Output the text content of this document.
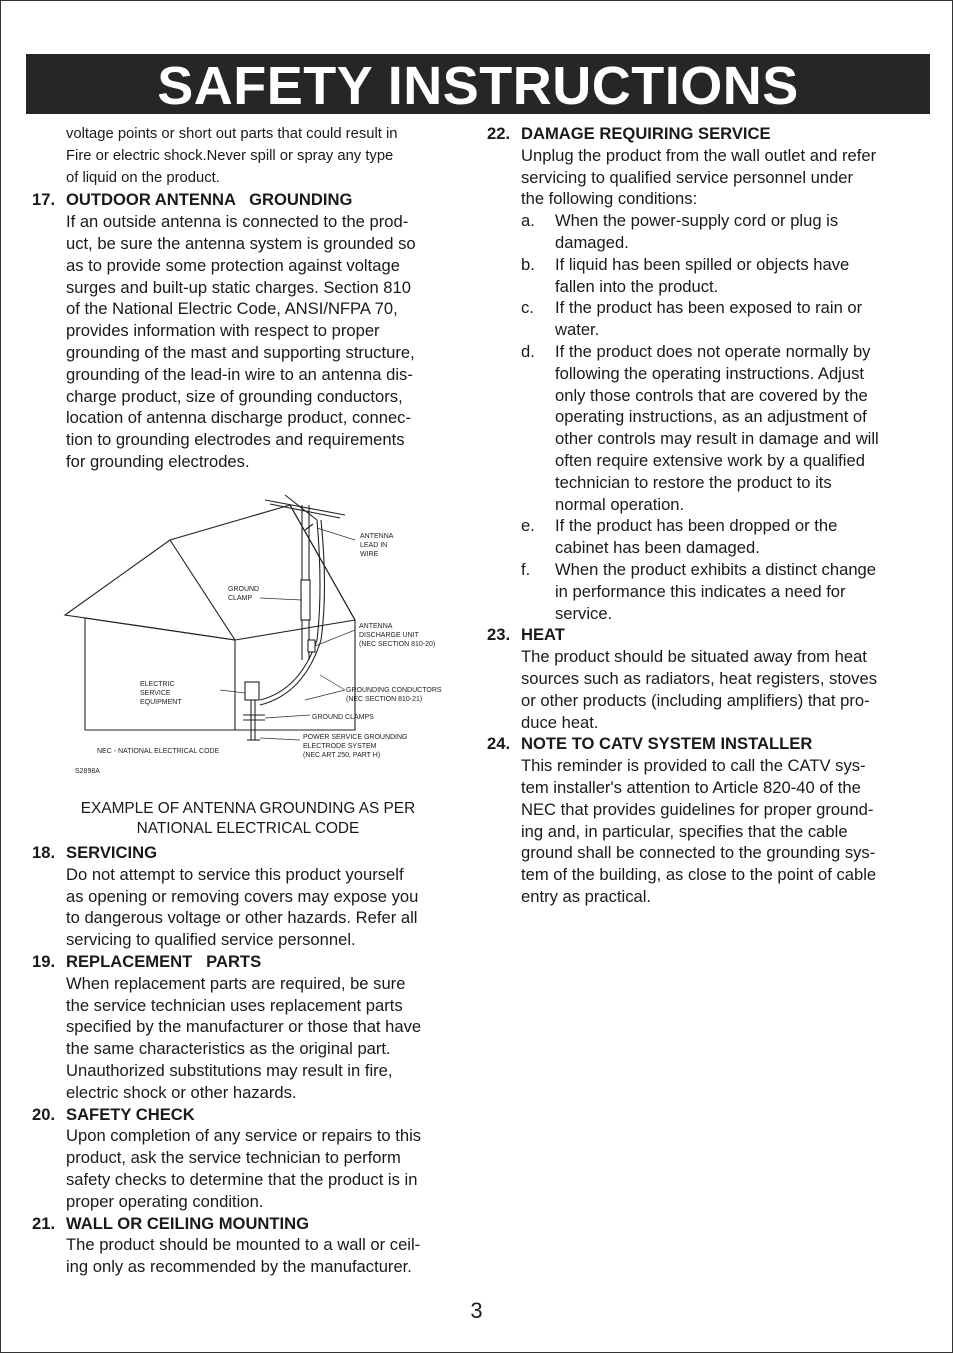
SAFETY INSTRUCTIONS

voltage points or short out parts that could result in

Fire or electric shock.Never spill or spray any type

of liquid on the product.

17. OUTDOOR ANTENNA   GROUNDING

If an outside antenna is connected to the prod-

uct, be sure the antenna system is grounded so

as to provide some protection against voltage

surges and built-up static charges. Section 810

of the National Electric Code, ANSI/NFPA 70,

provides information with respect to proper

grounding of the mast and supporting structure,

grounding of the lead-in wire to an antenna dis-

charge product, size of grounding conductors,

location of antenna discharge product, connec-

tion to grounding electrodes and requirements

for grounding electrodes.

ANTENNA
LEAD IN
WIRE
GROUND
CLAMP
ANTENNA
DISCHARGE UNIT
(NEC SECTION 810-20)
ELECTRIC
SERVICE
EQUIPMENT
GROUNDING CONDUCTORS
(NEC SECTION 810-21)
GROUND CLAMPS
POWER SERVICE GROUNDING
ELECTRODE SYSTEM
(NEC ART 250, PART H)
NEC - NATIONAL ELECTRICAL CODE
S2898A
EXAMPLE OF ANTENNA GROUNDING AS PER
NATIONAL ELECTRICAL CODE

18. SERVICING

Do not attempt to service this product yourself

as opening or removing covers may expose you

to dangerous voltage or other hazards. Refer all

servicing to qualified service personnel.

19. REPLACEMENT   PARTS

When replacement parts are required, be sure

the service technician uses replacement parts

specified by the manufacturer or those that have

the same characteristics as the original part.

Unauthorized substitutions may result in fire,

electric shock or other hazards.

20. SAFETY CHECK

Upon completion of any service or repairs to this

product, ask the service technician to perform

safety checks to determine that the product is in

proper operating condition.

21. WALL OR CEILING MOUNTING

The product should be mounted to a wall or ceil-

ing only as recommended by the manufacturer.

22. DAMAGE REQUIRING SERVICE

Unplug the product from the wall outlet and refer

servicing to qualified service personnel under

the following conditions:

a. When the power-supply cord or plug is

damaged.

b. If liquid has been spilled or objects have

fallen into the product.

c. If the product has been exposed to rain or

water.

d. If the product does not operate normally by

following the operating instructions. Adjust

only those controls that are covered by the

operating instructions, as an adjustment of

other controls may result in damage and will

often require extensive work by a qualified

technician to restore the product to its

normal operation.

e. If the product has been dropped or the

cabinet has been damaged.

f. When the product exhibits a distinct change

in performance this indicates a need for

service.

23. HEAT

The product should be situated away from heat

sources such as radiators, heat registers, stoves

or other products (including amplifiers) that pro-

duce heat.

24. NOTE TO CATV SYSTEM INSTALLER

This reminder is provided to call the CATV sys-

tem installer's attention to Article 820-40 of the

NEC that provides guidelines for proper ground-

ing and, in particular, specifies that the cable

ground shall be connected to the grounding sys-

tem of the building, as close to the point of cable

entry as practical.

3
